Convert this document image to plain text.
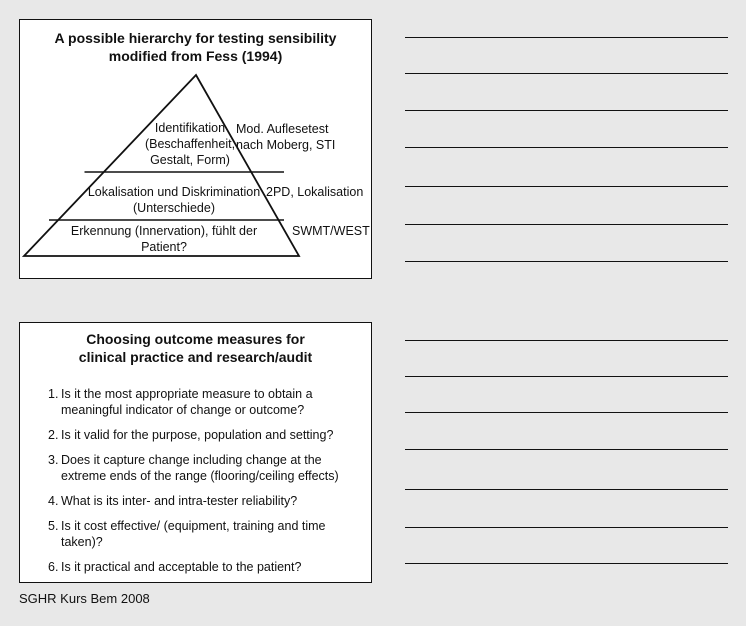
A possible hierarchy for testing sensibility
modified from Fess (1994)
Identifikation
(Beschaffenheit,
Gestalt, Form)
Lokalisation und Diskrimination
(Unterschiede)
Erkennung (Innervation), fühlt der
Patient?
Mod. Auflesetest
nach Moberg, STI
2PD, Lokalisation
SWMT/WEST
Choosing outcome measures for
clinical practice and research/audit
1. Is it the most appropriate measure to obtain a meaningful indicator of change or outcome?
2. Is it valid for the purpose, population and setting?
3. Does it capture change including change at the extreme ends of the range (flooring/ceiling effects)
4. What is its inter- and intra-tester reliability?
5. Is it cost effective/ (equipment, training and time taken)?
6. Is it practical and acceptable to the patient?
SGHR Kurs Bem 2008
